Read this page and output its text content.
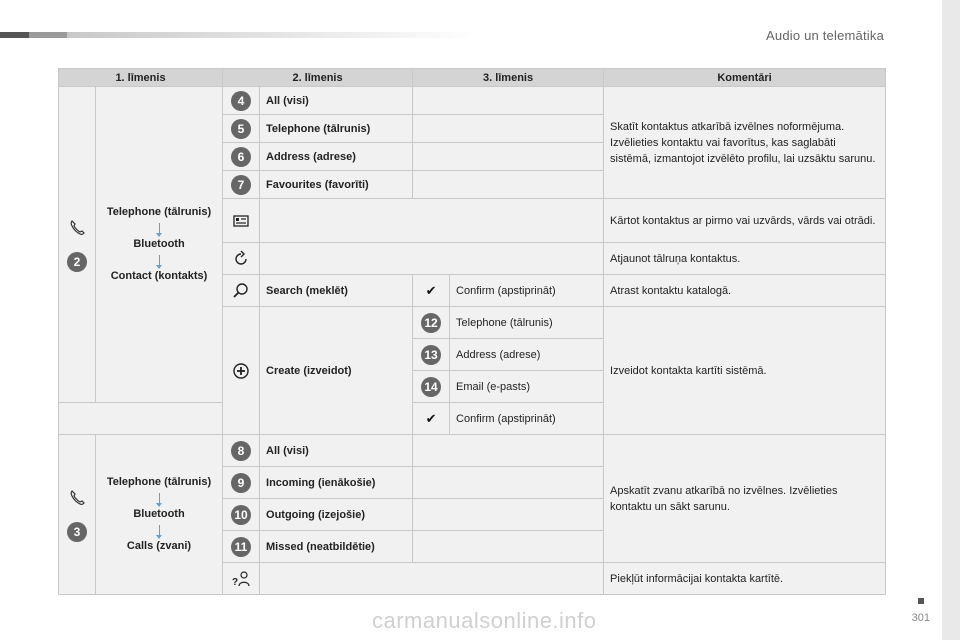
Audio un telemātika
1. līmenis		2. līmenis		3. līmenis		Komentāri

2	Telephone (tālrunis)
Bluetooth
Contact (kontakts)	4	All (visi)			Skatīt kontaktus atkarībā izvēlnes noformējuma. Izvēlieties kontaktu vai favorītus, kas saglabāti sistēmā, izmantojot izvēlēto profilu, lai uzsāktu sarunu.
		5	Telephone (tālrunis)			
		6	Address (adrese)			
		7	Favourites (favorīti)			
		Kārtot kontaktus ar pirmo vai uzvārds, vārds vai otrādi.
		Atjaunot tālruņa kontaktus.
	Search (meklēt)	✔	Confirm (apstiprināt)	Atrast kontaktu katalogā.
	Create (izveidot)	12	Telephone (tālrunis)	Izveidot kontakta kartīti sistēmā.
				13	Address (adrese)	
				14	Email (e-pasts)	
				✔	Confirm (apstiprināt)	

3	Telephone (tālrunis)
Bluetooth
Calls (zvani)	8	All (visi)			Apskatīt zvanu atkarībā no izvēlnes. Izvēlieties kontaktu un sākt sarunu.
		9	Incoming (ienākošie)			
		10	Outgoing (izejošie)			
		11	Missed (neatbildētie)			

?				Piekļūt informācijai kontakta kartītē.
carmanualsonline.info	301
